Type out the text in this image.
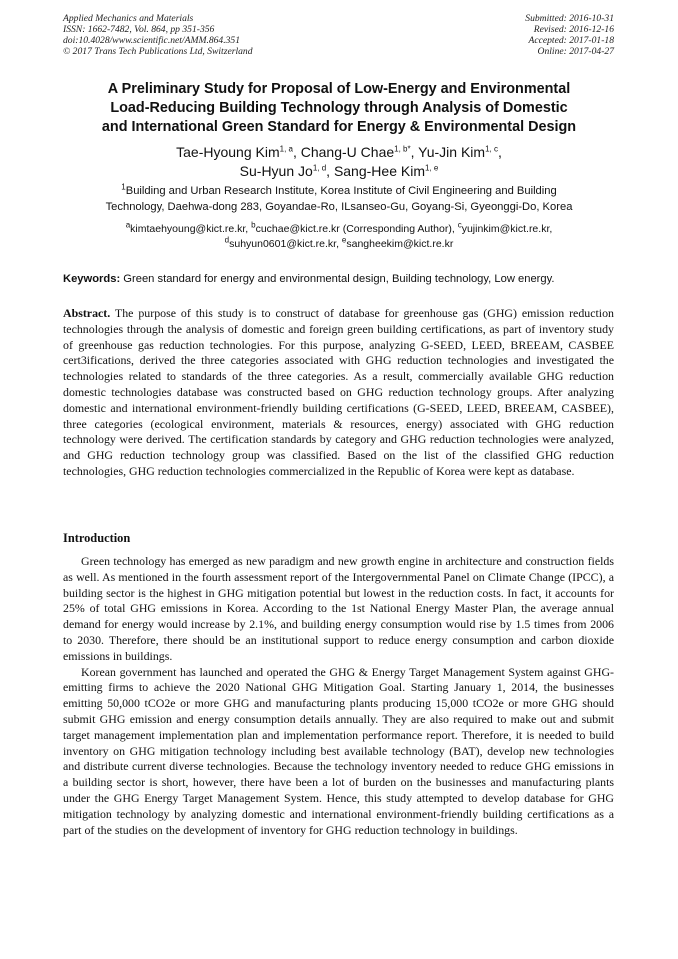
Applied Mechanics and Materials
ISSN: 1662-7482, Vol. 864, pp 351-356
doi:10.4028/www.scientific.net/AMM.864.351
© 2017 Trans Tech Publications Ltd, Switzerland
Submitted: 2016-10-31
Revised: 2016-12-16
Accepted: 2017-01-18
Online: 2017-04-27
A Preliminary Study for Proposal of Low-Energy and Environmental
Load-Reducing Building Technology through Analysis of Domestic
and International Green Standard for Energy & Environmental Design
Tae-Hyoung Kim$^{1, a}$, Chang-U Chae$^{1, b*}$, Yu-Jin Kim$^{1, c}$,
Su-Hyun Jo$^{1, d}$, Sang-Hee Kim$^{1, e}$
$^1$Building and Urban Research Institute, Korea Institute of Civil Engineering and Building
Technology, Daehwa-dong 283, Goyandae-Ro, ILsanseo-Gu, Goyang-Si, Gyeonggi-Do, Korea
$^a$kimtaehyoung@kict.re.kr, $^b$cuchae@kict.re.kr (Corresponding Author), $^c$yujinkim@kict.re.kr,
$^d$suhyun0601@kict.re.kr, $^e$sangheekim@kict.re.kr
Keywords: Green standard for energy and environmental design, Building technology, Low energy.

Abstract. The purpose of this study is to construct of database for greenhouse gas (GHG) emission reduction technologies through the analysis of domestic and foreign green building certifications, as part of inventory study of greenhouse gas reduction technologies. For this purpose, analyzing G-SEED, LEED, BREEAM, CASBEE cert3ifications, derived the three categories associated with GHG reduction technologies and investigated the technologies related to standards of the three categories. As a result, commercially available GHG reduction domestic technologies database was constructed based on GHG reduction technology groups. After analyzing domestic and international environment-friendly building certifications (G-SEED, LEED, BREEAM, CASBEE), three categories (ecological environment, materials & resources, energy) associated with GHG reduction technology were derived. The certification standards by category and GHG reduction technologies were analyzed, and GHG reduction technology group was classified. Based on the list of the classified GHG reduction technologies, GHG reduction technologies commercialized in the Republic of Korea were kept as database.

Introduction

Green technology has emerged as new paradigm and new growth engine in architecture and construction fields as well. As mentioned in the fourth assessment report of the Intergovernmental Panel on Climate Change (IPCC), a building sector is the highest in GHG mitigation potential but lowest in the reduction costs. In fact, it accounts for 25% of total GHG emissions in Korea. According to the 1st National Energy Master Plan, the average annual demand for energy would increase by 2.1%, and building energy consumption would rise by 1.5 times from 2006 to 2030. Therefore, there should be an institutional support to reduce energy consumption and carbon dioxide emissions in buildings.

Korean government has launched and operated the GHG & Energy Target Management System against GHG-emitting firms to achieve the 2020 National GHG Mitigation Goal. Starting January 1, 2014, the businesses emitting 50,000 tCO2e or more GHG and manufacturing plants producing 15,000 tCO2e or more GHG should submit GHG emission and energy consumption details annually. They are also required to make out and submit target management implementation plan and implementation performance report. Therefore, it is needed to build inventory on GHG mitigation technology including best available technology (BAT), develop new technologies and distribute current diverse technologies. Because the technology inventory needed to reduce GHG emissions in a building sector is short, however, there have been a lot of burden on the businesses and manufacturing plants under the GHG Energy Target Management System. Hence, this study attempted to develop database for GHG mitigation technology by analyzing domestic and international environment-friendly building certifications as a part of the studies on the development of inventory for GHG reduction technology in buildings.
